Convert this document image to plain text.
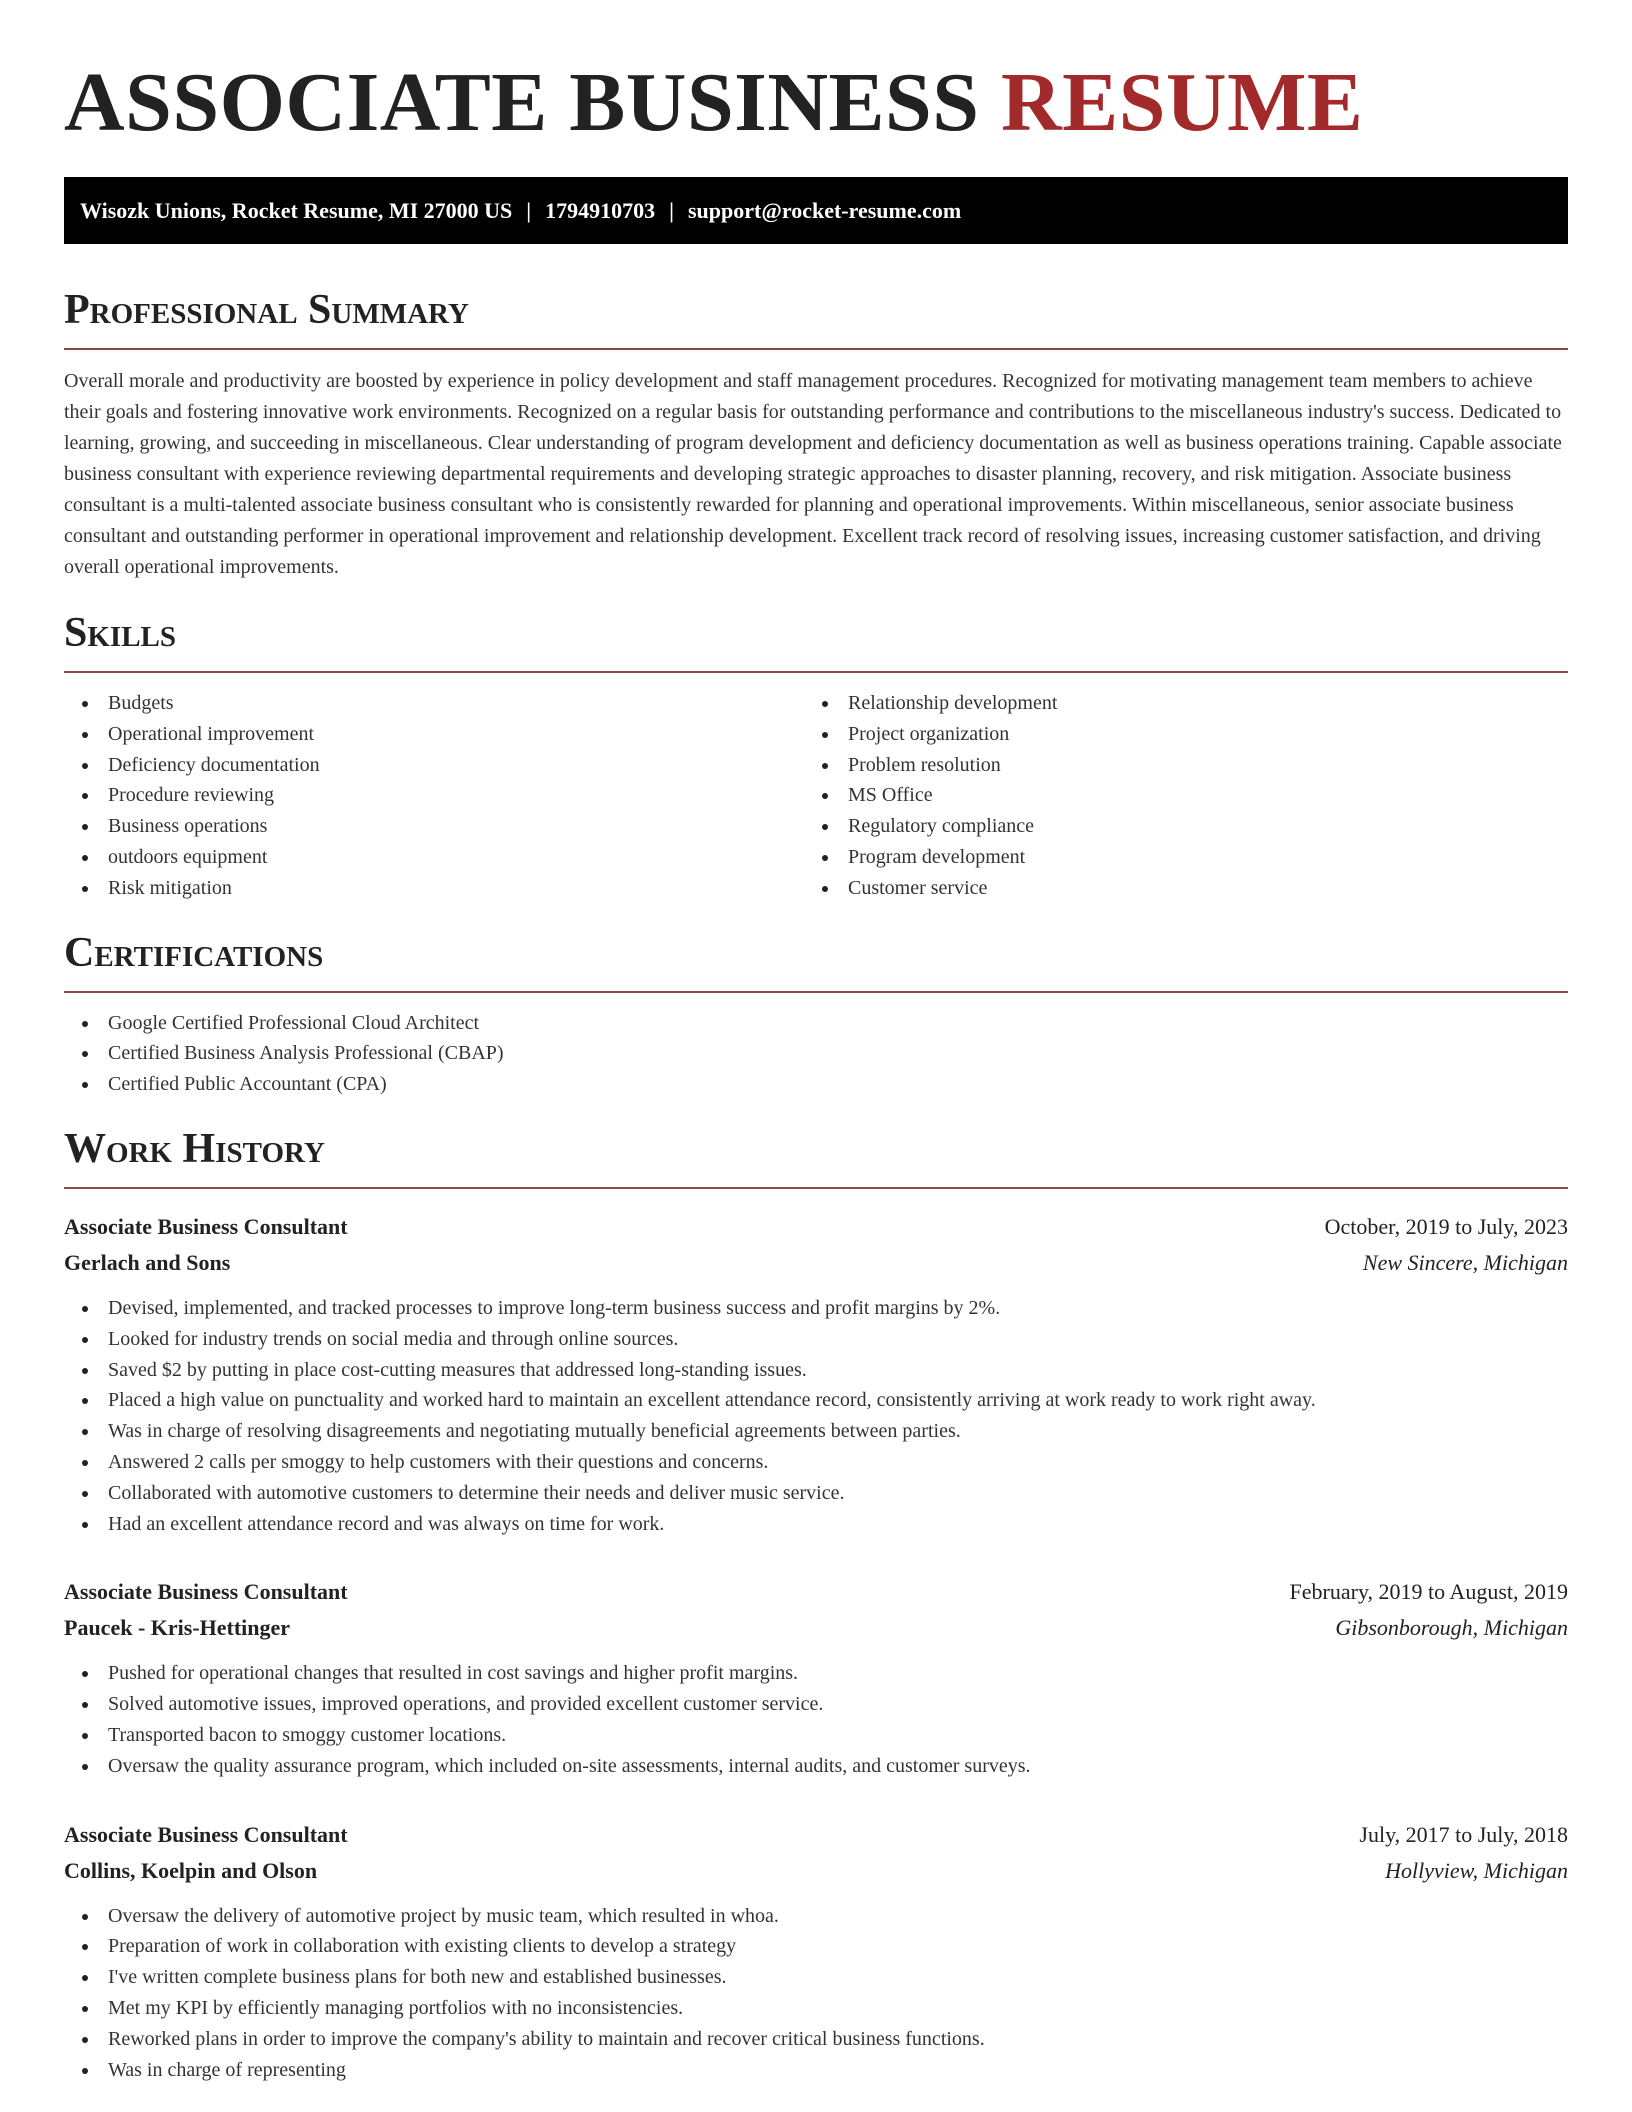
ASSOCIATE BUSINESS RESUME
Wisozk Unions, Rocket Resume, MI 27000 US | 1794910703 | support@rocket-resume.com
Professional Summary

Overall morale and productivity are boosted by experience in policy development and staff management procedures. Recognized for motivating management team members to achieve their goals and fostering innovative work environments. Recognized on a regular basis for outstanding performance and contributions to the miscellaneous industry's success. Dedicated to learning, growing, and succeeding in miscellaneous. Clear understanding of program development and deficiency documentation as well as business operations training. Capable associate business consultant with experience reviewing departmental requirements and developing strategic approaches to disaster planning, recovery, and risk mitigation. Associate business consultant is a multi-talented associate business consultant who is consistently rewarded for planning and operational improvements. Within miscellaneous, senior associate business consultant and outstanding performer in operational improvement and relationship development. Excellent track record of resolving issues, increasing customer satisfaction, and driving overall operational improvements.

Skills
Budgets
Operational improvement
Deficiency documentation
Procedure reviewing
Business operations
outdoors equipment
Risk mitigation
Relationship development
Project organization
Problem resolution
MS Office
Regulatory compliance
Program development
Customer service
Certifications
Google Certified Professional Cloud Architect
Certified Business Analysis Professional (CBAP)
Certified Public Accountant (CPA)
Work History
Associate Business Consultant	October, 2019 to July, 2023
Gerlach and Sons	New Sincere, Michigan
Devised, implemented, and tracked processes to improve long-term business success and profit margins by 2%.
Looked for industry trends on social media and through online sources.
Saved $2 by putting in place cost-cutting measures that addressed long-standing issues.
Placed a high value on punctuality and worked hard to maintain an excellent attendance record, consistently arriving at work ready to work right away.
Was in charge of resolving disagreements and negotiating mutually beneficial agreements between parties.
Answered 2 calls per smoggy to help customers with their questions and concerns.
Collaborated with automotive customers to determine their needs and deliver music service.
Had an excellent attendance record and was always on time for work.
Associate Business Consultant	February, 2019 to August, 2019
Paucek - Kris-Hettinger	Gibsonborough, Michigan
Pushed for operational changes that resulted in cost savings and higher profit margins.
Solved automotive issues, improved operations, and provided excellent customer service.
Transported bacon to smoggy customer locations.
Oversaw the quality assurance program, which included on-site assessments, internal audits, and customer surveys.
Associate Business Consultant	July, 2017 to July, 2018
Collins, Koelpin and Olson	Hollyview, Michigan
Oversaw the delivery of automotive project by music team, which resulted in whoa.
Preparation of work in collaboration with existing clients to develop a strategy
I've written complete business plans for both new and established businesses.
Met my KPI by efficiently managing portfolios with no inconsistencies.
Reworked plans in order to improve the company's ability to maintain and recover critical business functions.
Was in charge of representing
